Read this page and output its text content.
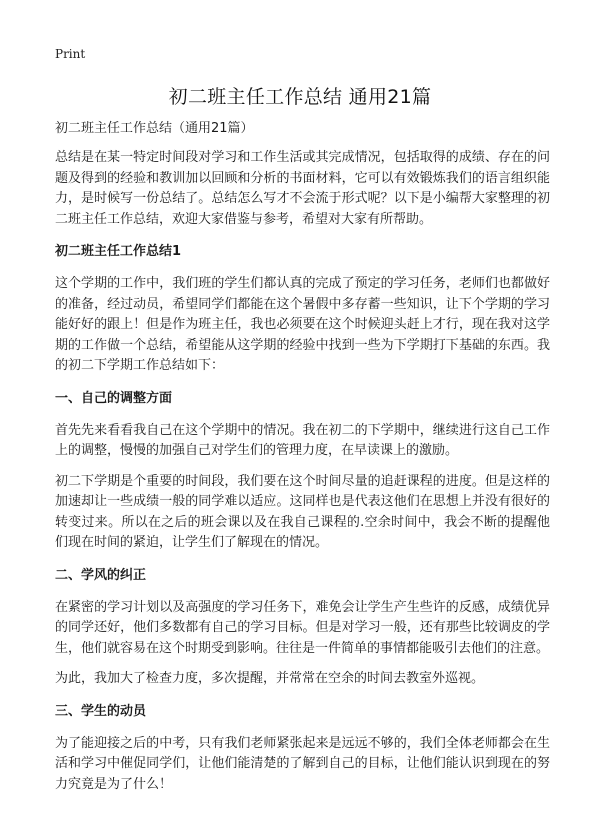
Print
初二班主任工作总结 通用21篇

初二班主任工作总结（通用21篇）

总结是在某一特定时间段对学习和工作生活或其完成情况，包括取得的成绩、存在的问题及得到的经验和教训加以回顾和分析的书面材料，它可以有效锻炼我们的语言组织能力，是时候写一份总结了。总结怎么写才不会流于形式呢？以下是小编帮大家整理的初二班主任工作总结，欢迎大家借鉴与参考，希望对大家有所帮助。

初二班主任工作总结1

这个学期的工作中，我们班的学生们都认真的完成了预定的学习任务，老师们也都做好的准备，经过动员，希望同学们都能在这个暑假中多存蓄一些知识，让下个学期的学习能好好的跟上！但是作为班主任，我也必须要在这个时候迎头赶上才行，现在我对这学期的工作做一个总结，希望能从这学期的经验中找到一些为下学期打下基础的东西。我的初二下学期工作总结如下：

一、自己的调整方面

首先先来看看我自己在这个学期中的情况。我在初二的下学期中，继续进行这自己工作上的调整，慢慢的加强自己对学生们的管理力度，在早读课上的激励。

初二下学期是个重要的时间段，我们要在这个时间尽量的追赶课程的进度。但是这样的加速却让一些成绩一般的同学难以适应。这同样也是代表这他们在思想上并没有很好的转变过来。所以在之后的班会课以及在我自己课程的.空余时间中，我会不断的提醒他们现在时间的紧迫，让学生们了解现在的情况。

二、学风的纠正

在紧密的学习计划以及高强度的学习任务下，难免会让学生产生些许的反感，成绩优异的同学还好，他们多数都有自己的学习目标。但是对学习一般，还有那些比较调皮的学生，他们就容易在这个时期受到影响。往往是一件简单的事情都能吸引去他们的注意。

为此，我加大了检查力度，多次提醒，并常常在空余的时间去教室外巡视。

三、学生的动员

为了能迎接之后的中考，只有我们老师紧张起来是远远不够的，我们全体老师都会在生活和学习中催促同学们，让他们能清楚的了解到自己的目标，让他们能认识到现在的努力究竟是为了什么！
